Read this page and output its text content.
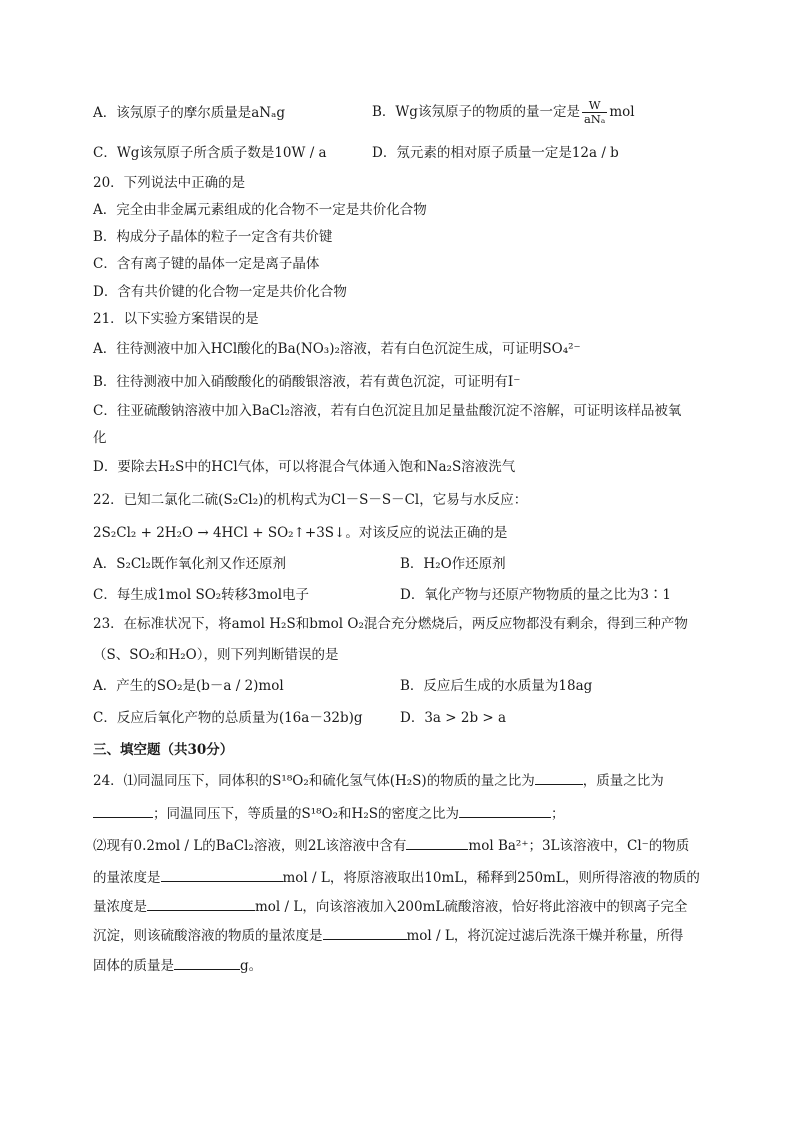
A．该氖原子的摩尔质量是aNₐg	B．Wg该氖原子的物质的量一定是 $\frac{W}{\text{aNₐ}}$ mol
C．Wg该氖原子所含质子数是10W / a	D．氖元素的相对原子质量一定是12a / b
20．下列说法中正确的是
A．完全由非金属元素组成的化合物不一定是共价化合物
B．构成分子晶体的粒子一定含有共价键
C．含有离子键的晶体一定是离子晶体
D．含有共价键的化合物一定是共价化合物
21．以下实验方案错误的是
A．往待测液中加入HCl酸化的Ba(NO₃)₂溶液，若有白色沉淀生成，可证明SO₄²⁻
B．往待测液中加入硝酸酸化的硝酸银溶液，若有黄色沉淀，可证明有I⁻
C．往亚硫酸钠溶液中加入BaCl₂溶液，若有白色沉淀且加足量盐酸沉淀不溶解，可证明该样品被氧
化
D．要除去H₂S中的HCl气体，可以将混合气体通入饱和Na₂S溶液洗气
22．已知二氯化二硫(S₂Cl₂)的机构式为Cl－S－S－Cl，它易与水反应：
2S₂Cl₂ + 2H₂O → 4HCl + SO₂↑+3S↓。对该反应的说法正确的是
A．S₂Cl₂既作氧化剂又作还原剂	B．H₂O作还原剂
C．每生成1mol SO₂转移3mol电子	D．氧化产物与还原产物物质的量之比为3∶1
23．在标准状况下，将amol H₂S和bmol O₂混合充分燃烧后，两反应物都没有剩余，得到三种产物
（S、SO₂和H₂O），则下列判断错误的是
A．产生的SO₂是(b－a / 2)mol	B．反应后生成的水质量为18ag
C．反应后氧化产物的总质量为(16a－32b)g	D．3a > 2b > a
三、填空题（共30分）
24．⑴同温同压下，同体积的S¹⁸O₂和硫化氢气体(H₂S)的物质的量之比为	，质量之比为
；同温同压下，等质量的S¹⁸O₂和H₂S的密度之比为	；
⑵现有0.2mol / L的BaCl₂溶液，则2L该溶液中含有	mol Ba²⁺；3L该溶液中，Cl⁻的物质
的量浓度是	mol / L，将原溶液取出10mL，稀释到250mL，则所得溶液的物质的
量浓度是	mol / L，向该溶液加入200mL硫酸溶液，恰好将此溶液中的钡离子完全
沉淀，则该硫酸溶液的物质的量浓度是	mol / L，将沉淀过滤后洗涤干燥并称量，所得
固体的质量是	g。
